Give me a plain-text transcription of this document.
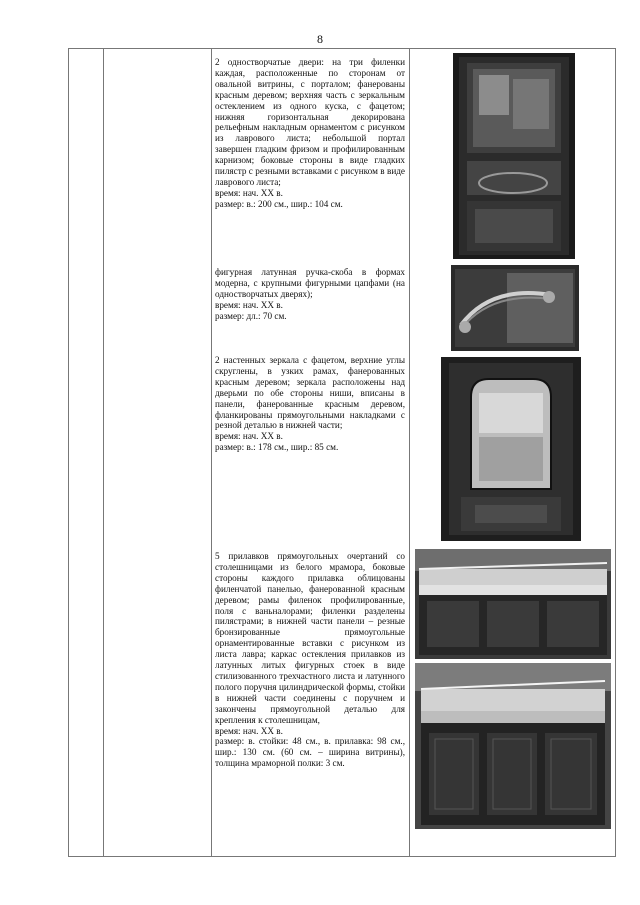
8

2 одностворчатые двери: на три филенки каждая, расположенные по сторонам от овальной витрины, с порталом; фанерованы красным деревом; верхняя часть с зеркальным остеклением из одного куска, с фацетом; нижняя горизонтальная декорирована рельефным накладным орнаментом с рисунком из лаврового листа; небольшой портал завершен гладким фризом и профилированным карнизом; боковые стороны в виде гладких пилястр с резными вставками с рисунком в виде лаврового листа;

время: нач. XX в.

размер: в.: 200 см., шир.: 104 см.

фигурная латунная ручка-скоба в формах модерна, с крупными фигурными цапфами (на одностворчатых дверях);

время: нач. XX в.

размер: дл.: 70 см.

2 настенных зеркала с фацетом, верхние углы скруглены, в узких рамах, фанерованных красным деревом; зеркала расположены над дверьми по обе стороны ниши, вписаны в панели, фанерованные красным деревом, фланкированы прямоугольными накладками с резной деталью в нижней части;

время: нач. XX в.

размер: в.: 178 см., шир.: 85 см.

5 прилавков прямоугольных очертаний со столешницами из белого мрамора, боковые стороны каждого прилавка облицованы филенчатой панелью, фанерованной красным деревом; рамы филенок профилированные, поля с ваньналорами; филенки разделены пилястрами; в нижней части панели – резные бронзированные прямоугольные орнаментированные вставки с рисунком из листа лавра; каркас остекления прилавков из латунных литых фигурных стоек в виде стилизованного трехчастного листа и латунного полого поручня цилиндрической формы, стойки в нижней части соединены с поручнем и закончены прямоугольной деталью для крепления к столешницам,

время: нач. XX в.

размер: в. стойки: 48 см., в. прилавка: 98 см., шир.: 130 см. (60 см. – ширина витрины), толщина мраморной полки: 3 см.
